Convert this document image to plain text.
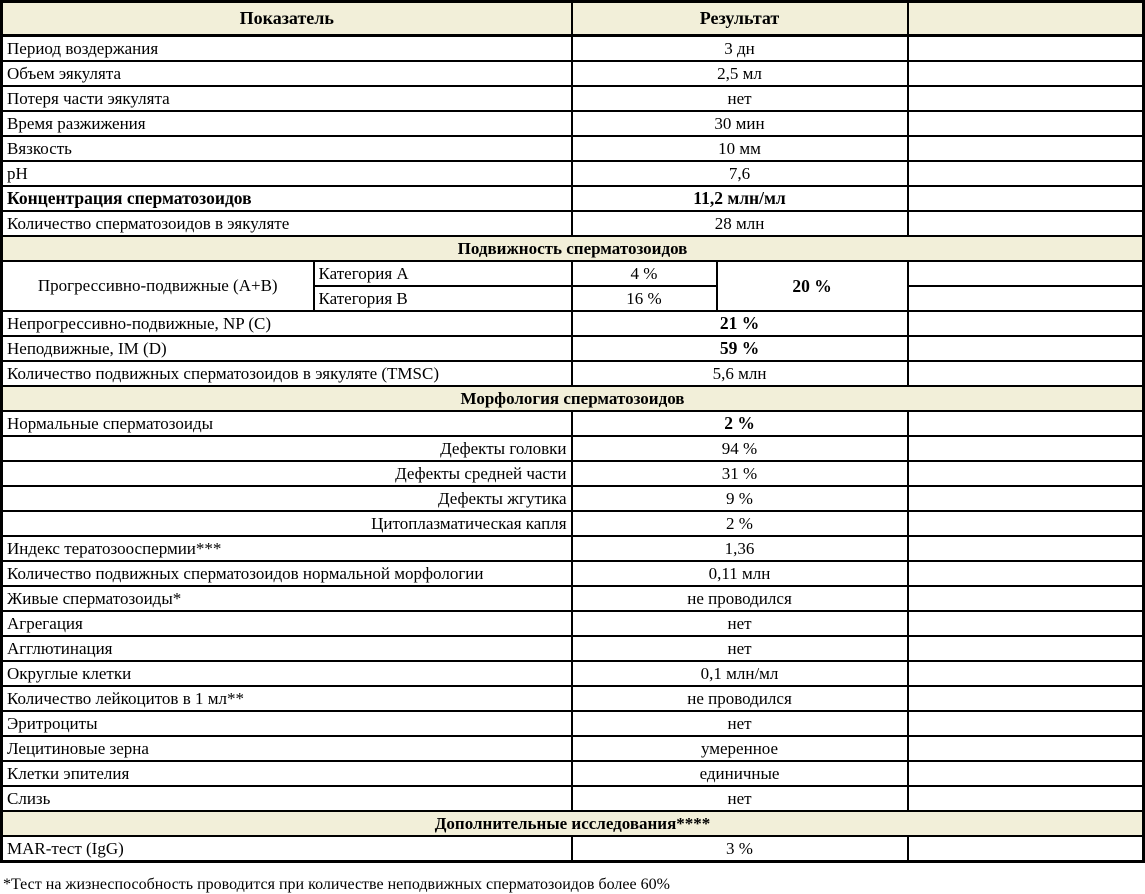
Показатель		Результат		
Период воздержания		3 дн		
Объем эякулята		2,5 мл		
Потеря части эякулята		нет		
Время разжижения		30 мин		
Вязкость		10 мм		
pH		7,6		
Концентрация сперматозоидов		11,2 млн/мл		
Количество сперматозоидов в эякуляте		28 млн		
Подвижность сперматозоидов				
Прогрессивно-подвижные (А+В)	Категория А	4 %	20 %	
	Категория В	16 %		
Непрогрессивно-подвижные, NP (C)		21 %		
Неподвижные, IM (D)		59 %		
Количество подвижных сперматозоидов в эякуляте (TMSC)		5,6 млн		
Морфология сперматозоидов				
Нормальные сперматозоиды		2 %		
Дефекты головки		94 %		
Дефекты средней части		31 %		
Дефекты жгутика		9 %		
Цитоплазматическая капля		2 %		
Индекс тератозооспермии***		1,36		
Количество подвижных сперматозоидов нормальной морфологии		0,11 млн		
Живые сперматозоиды*		не проводился		
Агрегация		нет		
Агглютинация		нет		
Округлые клетки		0,1 млн/мл		
Количество лейкоцитов в 1 мл**		не проводился		
Эритроциты		нет		
Лецитиновые зерна		умеренное		
Клетки эпителия		единичные		
Слизь		нет		
Дополнительные исследования****				
MAR-тест (IgG)		3 %		
*Тест на жизнеспособность проводится при количестве неподвижных сперматозоидов более 60%
